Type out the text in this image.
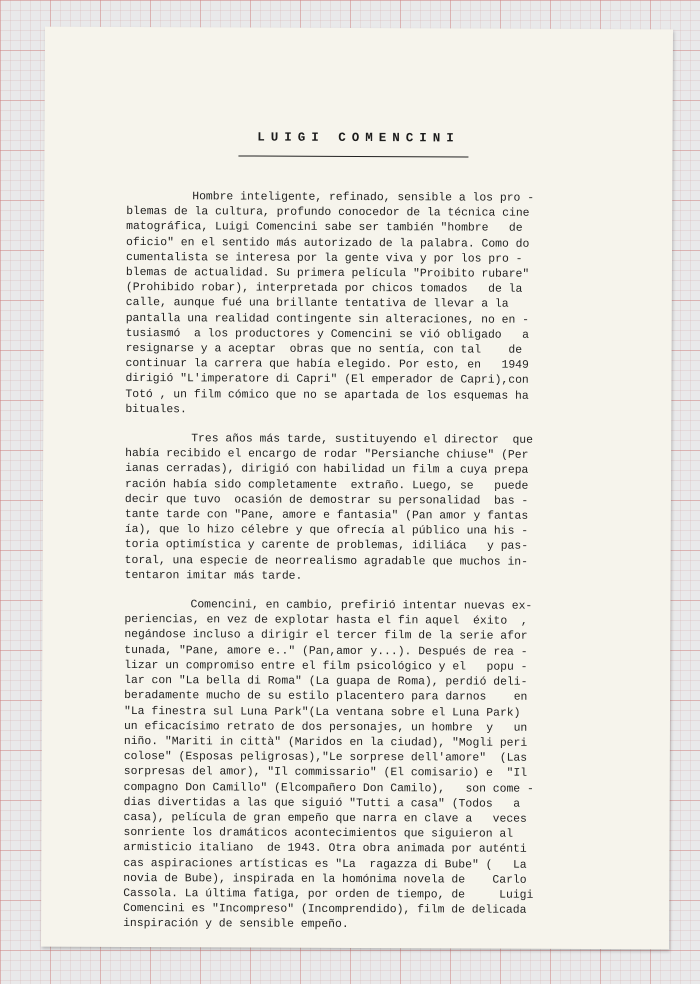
LUIGI COMENCINI
Hombre inteligente, refinado, sensible a los pro -
blemas de la cultura, profundo conocedor de la técnica cine
matográfica, Luigi Comencini sabe ser también "hombre   de
oficio" en el sentido más autorizado de la palabra. Como do
cumentalista se interesa por la gente viva y por los pro -
blemas de actualidad. Su primera película "Proibito rubare"
(Prohibido robar), interpretada por chicos tomados   de la
calle, aunque fué una brillante tentativa de llevar a la
pantalla una realidad contingente sin alteraciones, no en -
tusiasmó  a los productores y Comencini se vió obligado   a
resignarse y a aceptar  obras que no sentía, con tal    de
continuar la carrera que había elegido. Por esto, en   1949
dirigió "L'imperatore di Capri" (El emperador de Capri),con
Totó , un film cómico que no se apartada de los esquemas ha
bituales.
Tres años más tarde, sustituyendo el director  que
había recibido el encargo de rodar "Persianche chiuse" (Per
ianas cerradas), dirigió con habilidad un film a cuya prepa
ración había sido completamente  extraño. Luego, se   puede
decir que tuvo  ocasión de demostrar su personalidad  bas -
tante tarde con "Pane, amore e fantasia" (Pan amor y fantas
ía), que lo hizo célebre y que ofrecía al público una his -
toria optimística y carente de problemas, idiliáca   y pas-
toral, una especie de neorrealismo agradable que muchos in-
tentaron imitar más tarde.
Comencini, en cambio, prefirió intentar nuevas ex-
periencias, en vez de explotar hasta el fin aquel  éxito  ,
negándose incluso a dirigir el tercer film de la serie afor
tunada, "Pane, amore e.." (Pan,amor y...). Después de rea -
lizar un compromiso entre el film psicológico y el   popu -
lar con "La bella di Roma" (La guapa de Roma), perdió deli-
beradamente mucho de su estilo placentero para darnos    en
"La finestra sul Luna Park"(La ventana sobre el Luna Park)
un eficacísimo retrato de dos personajes, un hombre  y   un
niño. "Mariti in città" (Maridos en la ciudad), "Mogli peri
colose" (Esposas peligrosas),"Le sorprese dell'amore"  (Las
sorpresas del amor), "Il commissario" (El comisario) e  "Il
compagno Don Camillo" (Elcompañero Don Camilo),   son come -
dias divertidas a las que siguió "Tutti a casa" (Todos   a
casa), película de gran empeño que narra en clave a   veces
sonriente los dramáticos acontecimientos que siguieron al
armisticio italiano  de 1943. Otra obra animada por auténti
cas aspiraciones artísticas es "La  ragazza di Bube" (   La
novia de Bube), inspirada en la homónima novela de    Carlo
Cassola. La última fatiga, por orden de tiempo, de     Luigi
Comencini es "Incompreso" (Incomprendido), film de delicada
inspiración y de sensible empeño.
